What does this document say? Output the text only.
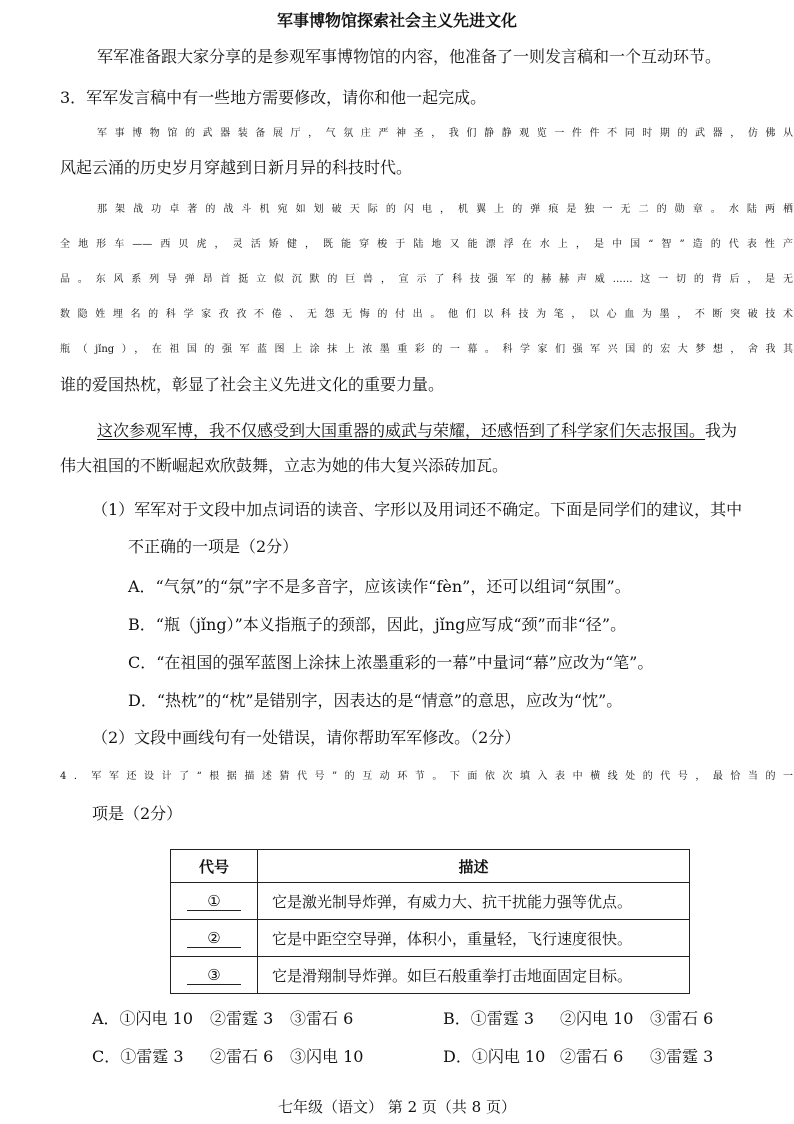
军事博物馆探索社会主义先进文化
军军准备跟大家分享的是参观军事博物馆的内容，他准备了一则发言稿和一个互动环节。
3．军军发言稿中有一些地方需要修改，请你和他一起完成。
军事博物馆的武器装备展厅，气氛庄严神圣，我们静静观览一件件不同时期的武器，仿佛从
风起云涌的历史岁月穿越到日新月异的科技时代。
那架战功卓著的战斗机宛如划破天际的闪电，机翼上的弹痕是独一无二的勋章。水陆两栖
全地形车——西贝虎，灵活矫健，既能穿梭于陆地又能漂浮在水上，是中国“智”造的代表性产
品。东风系列导弹昂首挺立似沉默的巨兽，宣示了科技强军的赫赫声威……这一切的背后，是无
数隐姓埋名的科学家孜孜不倦、无怨无悔的付出。他们以科技为笔，以心血为墨，不断突破技术
瓶（jǐng），在祖国的强军蓝图上涂抹上浓墨重彩的一幕。科学家们强军兴国的宏大梦想，舍我其
谁的爱国热枕，彰显了社会主义先进文化的重要力量。
这次参观军博，我不仅感受到大国重器的威武与荣耀，还感悟到了科学家们矢志报国。我为
伟大祖国的不断崛起欢欣鼓舞，立志为她的伟大复兴添砖加瓦。
（1）军军对于文段中加点词语的读音、字形以及用词还不确定。下面是同学们的建议，其中
不正确的一项是（2分）
A．“气氛”的“氛”字不是多音字，应该读作“fèn”，还可以组词“氛围”。
B．“瓶（jǐng）”本义指瓶子的颈部，因此，jǐng应写成“颈”而非“径”。
C．“在祖国的强军蓝图上涂抹上浓墨重彩的一幕”中量词“幕”应改为“笔”。
D．“热枕”的“枕”是错别字，因表达的是“情意”的意思，应改为“忱”。
（2）文段中画线句有一处错误，请你帮助军军修改。（2分）
4．军军还设计了“根据描述猜代号”的互动环节。下面依次填入表中横线处的代号，最恰当的一
项是（2分）
代号	描述
①	它是激光制导炸弹，有威力大、抗干扰能力强等优点。
②	它是中距空空导弹，体积小，重量轻，飞行速度很快。
③	它是滑翔制导炸弹。如巨石般重拳打击地面固定目标。
A．①闪电 10 ②雷霆 3 ③雷石 6	B．①雷霆 3 ②闪电 10 ③雷石 6
C．①雷霆 3 ②雷石 6 ③闪电 10	D．①闪电 10 ②雷石 6 ③雷霆 3
七年级（语文） 第 2 页（共 8 页）
